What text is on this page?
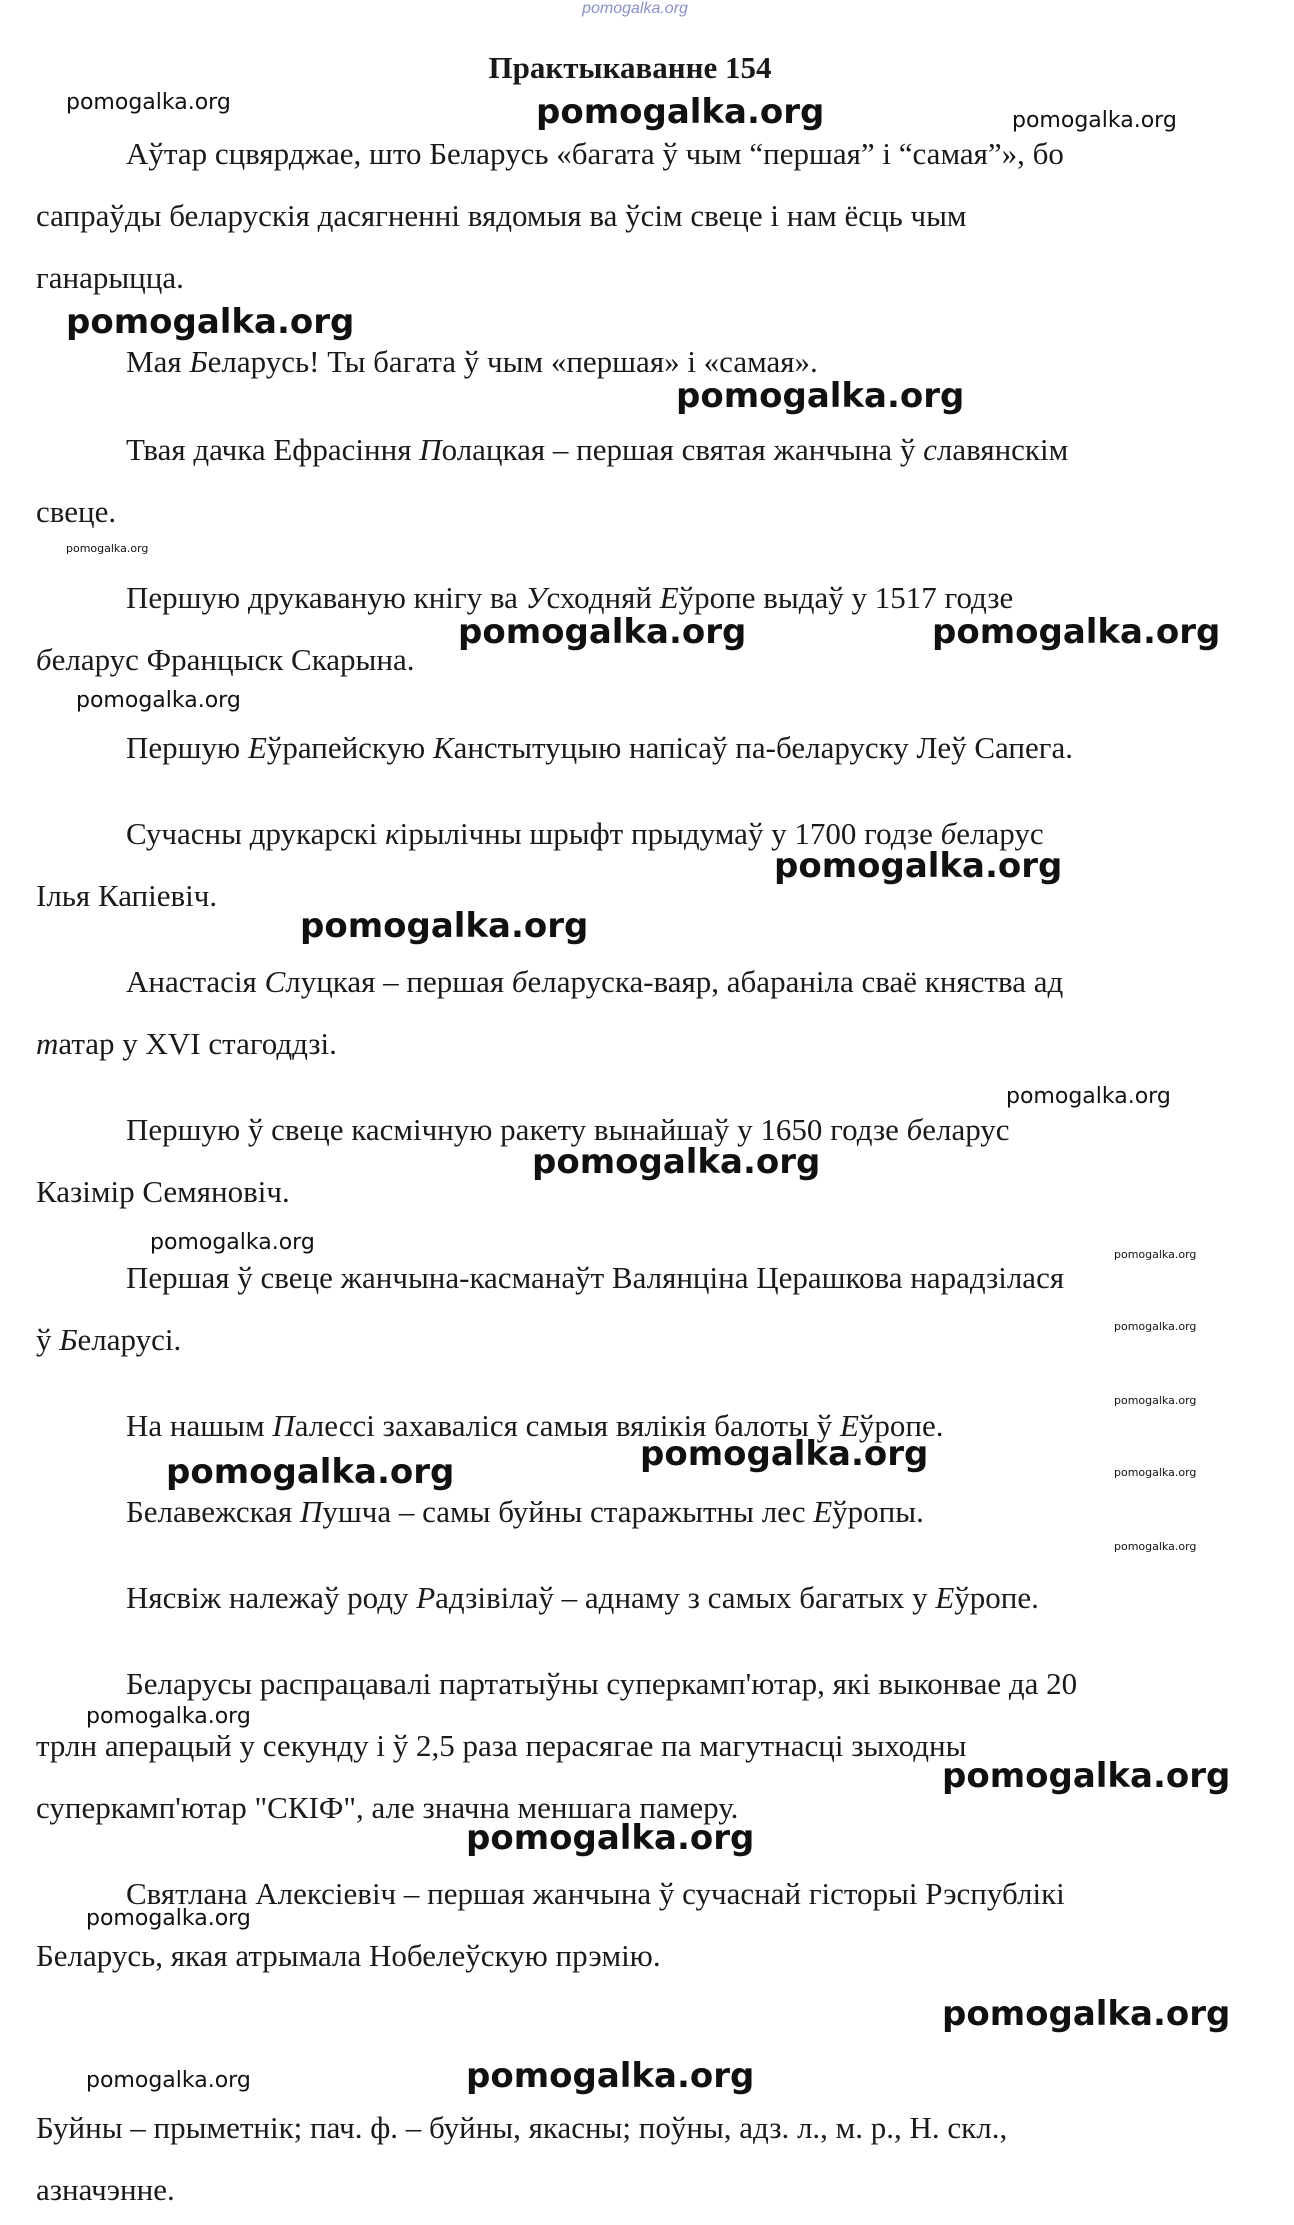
pomogalka.org
Практыкаванне 154
Аўтар сцвярджае, што Беларусь «багата ў чым “першая” і “самая”», бо
сапраўды беларускія дасягненні вядомыя ва ўсім свеце і нам ёсць чым
ганарыцца.
Мая Беларусь! Ты багата ў чым «першая» і «самая».
Твая дачка Ефрасіння Полацкая – першая святая жанчына ў славянскім
свеце.
Першую друкаваную кнігу ва Усходняй Еўропе выдаў у 1517 годзе
беларус Францыск Скарына.
Першую Еўрапейскую Канстытуцыю напісаў па-беларуску Леў Сапега.
Сучасны друкарскі кірылічны шрыфт прыдумаў у 1700 годзе беларус
Ілья Капіевіч.
Анастасія Слуцкая – першая беларуска-ваяр, абараніла сваё княства ад
татар у XVI стагоддзі.
Першую ў свеце касмічную ракету вынайшаў у 1650 годзе беларус
Казімір Семяновіч.
Першая ў свеце жанчына-касманаўт Валянціна Церашкова нарадзілася
ў Беларусі.
На нашым Палессі захаваліся самыя вялікія балоты ў Еўропе.
Белавежская Пушча – самы буйны старажытны лес Еўропы.
Нясвіж належаў роду Радзівілаў – аднаму з самых багатых у Еўропе.
Беларусы распрацавалі партатыўны суперкамп'ютар, які выконвае да 20
трлн аперацый у секунду і ў 2,5 раза перасягае па магутнасці зыходны
суперкамп'ютар "СКІФ", але значна меншага памеру.
Святлана Алексіевіч – першая жанчына ў сучаснай гісторыі Рэспублікі
Беларусь, якая атрымала Нобелеўскую прэмію.
Буйны – прыметнік; пач. ф. – буйны, якасны; поўны, адз. л., м. р., Н. скл.,
азначэнне.
pomogalka.org	pomogalka.org	pomogalka.org
pomogalka.org
pomogalka.org
pomogalka.org
pomogalka.org	pomogalka.org
pomogalka.org
pomogalka.org
pomogalka.org
pomogalka.org
pomogalka.org
pomogalka.org	pomogalka.org
pomogalka.org
pomogalka.org
pomogalka.org
pomogalka.org	pomogalka.org
pomogalka.org
pomogalka.org
pomogalka.org
pomogalka.org
pomogalka.org
pomogalka.org
pomogalka.org	pomogalka.org
